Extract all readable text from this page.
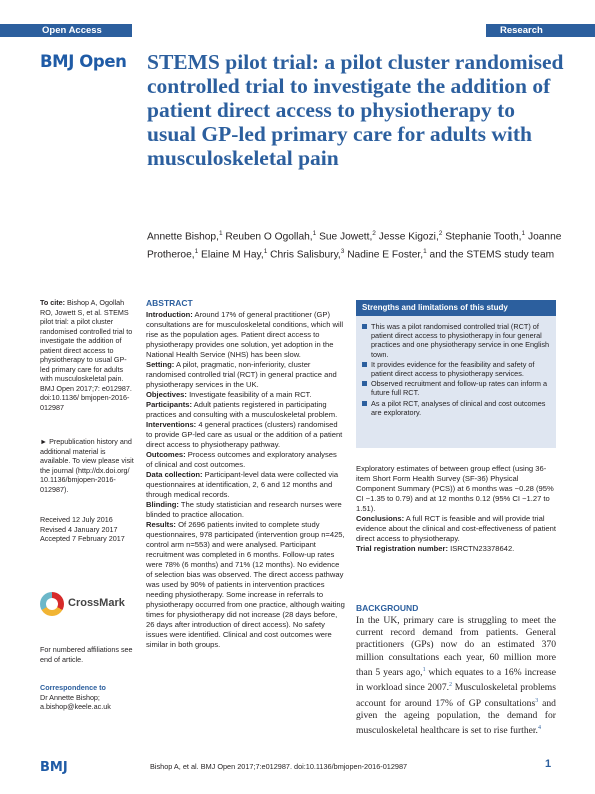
Open Access	Research
BMJ Open STEMS pilot trial: a pilot cluster randomised controlled trial to investigate the addition of patient direct access to physiotherapy to usual GP-led primary care for adults with musculoskeletal pain
Annette Bishop,$^1$ Reuben O Ogollah,$^1$ Sue Jowett,$^2$ Jesse Kigozi,$^2$ Stephanie Tooth,$^1$ Joanne Protheroe,$^1$ Elaine M Hay,$^1$ Chris Salisbury,$^3$ Nadine E Foster,$^1$ and the STEMS study team
To cite: Bishop A, Ogollah RO, Jowett S, et al. STEMS pilot trial: a pilot cluster randomised controlled trial to investigate the addition of patient direct access to physiotherapy to usual GP-led primary care for adults with musculoskeletal pain. BMJ Open 2017;7: e012987. doi:10.1136/ bmjopen-2016-012987
► Prepublication history and additional material is available. To view please visit the journal (http://dx.doi.org/ 10.1136/bmjopen-2016- 012987).
Received 12 July 2016
Revised 4 January 2017
Accepted 7 February 2017
CrossMark
For numbered affiliations see end of article.
Correspondence to
Dr Annette Bishop;
a.bishop@keele.ac.uk
ABSTRACT

Introduction: Around 17% of general practitioner (GP) consultations are for musculoskeletal conditions, which will rise as the population ages. Patient direct access to physiotherapy provides one solution, yet adoption in the National Health Service (NHS) has been slow.

Setting: A pilot, pragmatic, non-inferiority, cluster randomised controlled trial (RCT) in general practice and physiotherapy services in the UK.

Objectives: Investigate feasibility of a main RCT.

Participants: Adult patients registered in participating practices and consulting with a musculoskeletal problem.

Interventions: 4 general practices (clusters) randomised to provide GP-led care as usual or the addition of a patient direct access to physiotherapy pathway.

Outcomes: Process outcomes and exploratory analyses of clinical and cost outcomes.

Data collection: Participant-level data were collected via questionnaires at identification, 2, 6 and 12 months and through medical records.

Blinding: The study statistician and research nurses were blinded to practice allocation.

Results: Of 2696 patients invited to complete study questionnaires, 978 participated (intervention group n=425, control arm n=553) and were analysed. Participant recruitment was completed in 6 months. Follow-up rates were 78% (6 months) and 71% (12 months). No evidence of selection bias was observed. The direct access pathway was used by 90% of patients in intervention practices needing physiotherapy. Some increase in referrals to physiotherapy occurred from one practice, although waiting times for physiotherapy did not increase (28 days before, 26 days after introduction of direct access). No safety issues were identified. Clinical and cost outcomes were similar in both groups.

Strengths and limitations of this study
This was a pilot randomised controlled trial (RCT) of patient direct access to physiotherapy in four general practices and one physiotherapy service in one English town.
It provides evidence for the feasibility and safety of patient direct access to physiotherapy services.
Observed recruitment and follow-up rates can inform a future full RCT.
As a pilot RCT, analyses of clinical and cost outcomes are exploratory.

Exploratory estimates of between group effect (using 36-item Short Form Health Survey (SF-36) Physical Component Summary (PCS)) at 6 months was −0.28 (95% CI −1.35 to 0.79) and at 12 months 0.12 (95% CI −1.27 to 1.51).

Conclusions: A full RCT is feasible and will provide trial evidence about the clinical and cost-effectiveness of patient direct access to physiotherapy.

Trial registration number: ISRCTN23378642.

BACKGROUND

In the UK, primary care is struggling to meet the current record demand from patients. General practitioners (GPs) now do an estimated 370 million consultations each year, 60 million more than 5 years ago,$^1$ which equates to a 16% increase in workload since 2007.$^2$ Musculoskeletal problems account for around 17% of GP consultations$^3$ and given the ageing population, the demand for musculoskeletal healthcare is set to rise further.$^4$

BMJ	Bishop A, et al. BMJ Open 2017;7:e012987. doi:10.1136/bmjopen-2016-012987	1
